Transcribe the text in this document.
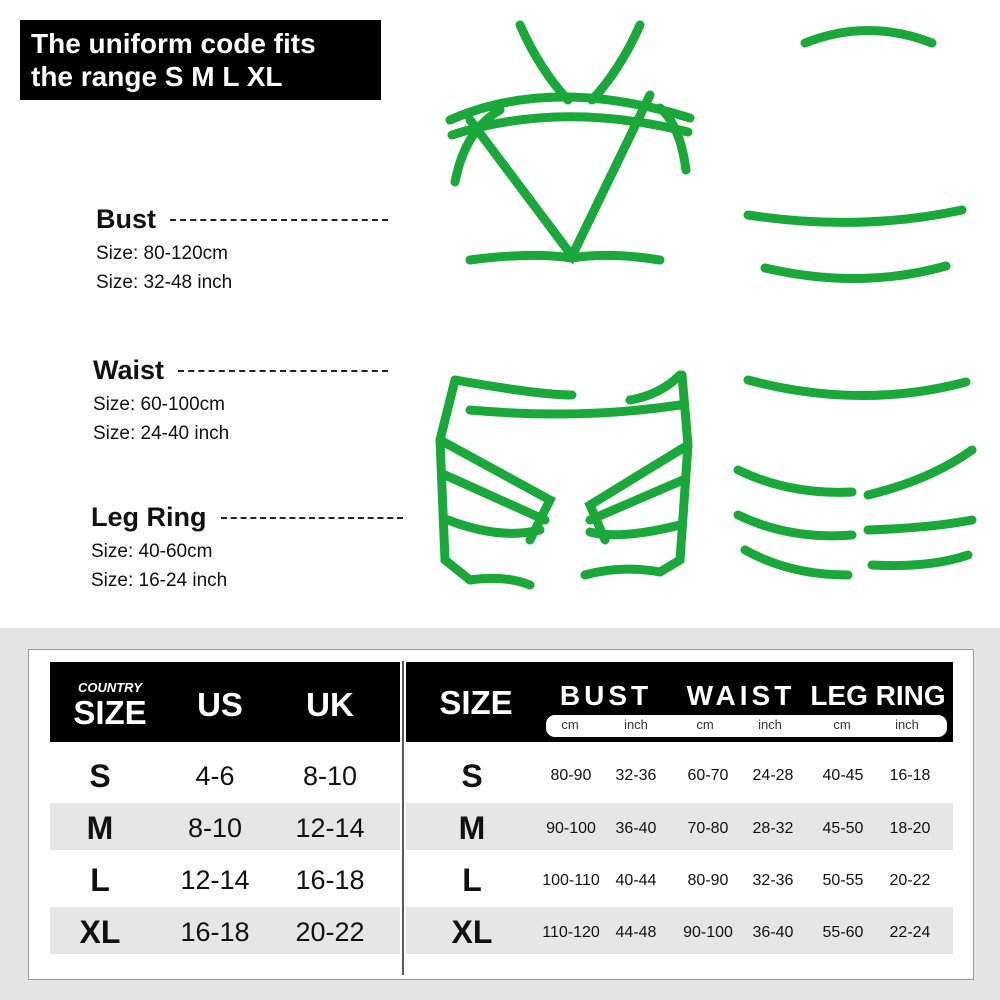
The uniform code fits
the range S M L XL
Bust
Size: 80-120cm
Size: 32-48 inch
Waist
Size: 60-100cm
Size: 24-40 inch
Leg Ring
Size: 40-60cm
Size: 16-24 inch
COUNTRY
SIZE	US	UK	SIZE	BUST	WAIST LEG RING
cm	inch	cm	inch	cm	inch
S	4-6	8-10	S	80-90	32-36	60-70	24-28	40-45	16-18
M	8-10	12-14	M	90-100	36-40	70-80	28-32	45-50	18-20
L	12-14	16-18	L	100-110 40-44	80-90	32-36	50-55	20-22
XL	16-18	20-22	XL	110-120 44-48	90-100	36-40	55-60	22-24
